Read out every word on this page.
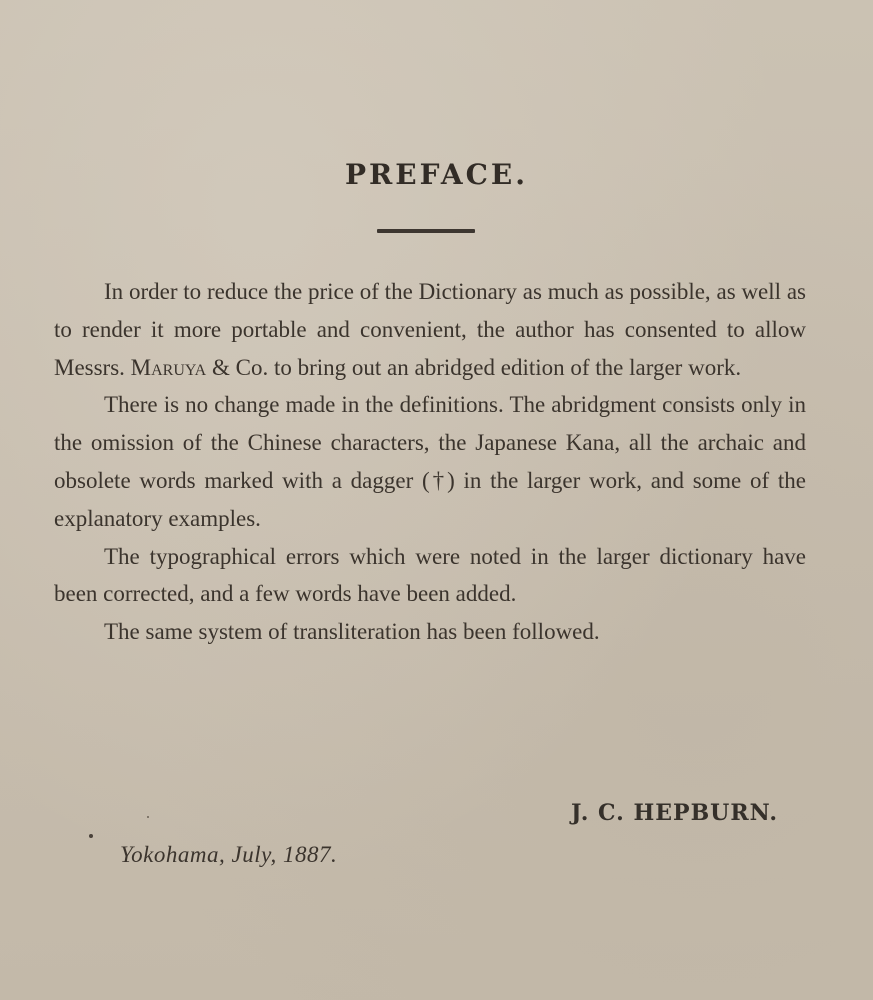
PREFACE.

In order to reduce the price of the Dictionary as much as possible, as well as to render it more portable and convenient, the author has consented to allow Messrs. Maruya & Co. to bring out an abridged edition of the larger work.

There is no change made in the definitions. The abridgment consists only in the omission of the Chinese characters, the Japanese Kana, all the archaic and obsolete words marked with a dagger (†) in the larger work, and some of the explanatory examples.

The typographical errors which were noted in the larger dictionary have been corrected, and a few words have been added.

The same system of transliteration has been followed.

J. C. HEPBURN.
Yokohama, July, 1887.
